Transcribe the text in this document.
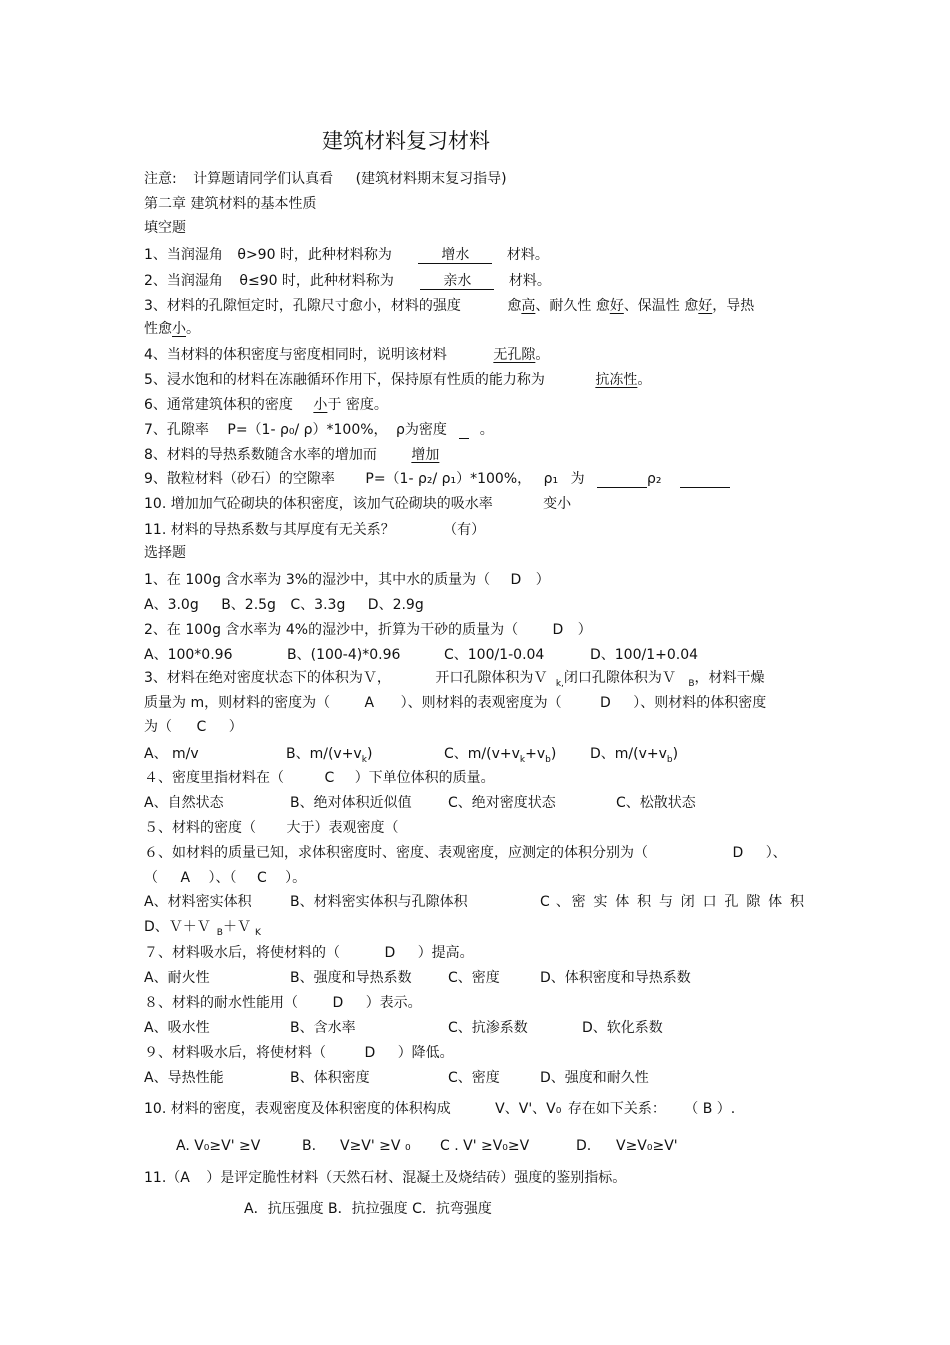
建筑材料复习材料
注意: 计算题请同学们认真看 (建筑材料期末复习指导)
第二章 建筑材料的基本性质
填空题
1、当润湿角 θ>90 时，此种材料称为	增水	材料。
2、当润湿角 θ≤90 时，此种材料称为	亲水	材料。
3、材料的孔隙恒定时，孔隙尺寸愈小，材料的强度	愈高、耐久性 愈好、保温性 愈好，导热
性愈小。
4、当材料的体积密度与密度相同时，说明该材料	无孔隙。
5、浸水饱和的材料在冻融循环作用下，保持原有性质的能力称为	抗冻性。
6、通常建筑体积的密度 小于 密度。
7、孔隙率 P=（1- ρ₀/ ρ）*100%， ρ为密度 。
8、材料的导热系数随含水率的增加而 增加
9、散粒材料（砂石）的空隙率 P=（1- ρ₂/ ρ₁）*100%， ρ₁ 为	ρ₂
10. 增加加气砼砌块的体积密度，该加气砼砌块的吸水率	变小
11. 材料的导热系数与其厚度有无关系？	（有）
选择题
1、在 100g 含水率为 3%的湿沙中，其中水的质量为（ D ）
A、3.0g B、2.5g C、3.3g D、2.9g
2、在 100g 含水率为 4%的湿沙中，折算为干砂的质量为（ D ）
A、100*0.96	B、(100-4)*0.96	C、100/1-0.04	D、100/1+0.04
3、材料在绝对密度状态下的体积为Ｖ，	开口孔隙体积为Ｖ $_{k,}$闭口孔隙体积为Ｖ $_B$，材料干燥
质量为 m，则材料的密度为（ A ）、则材料的表观密度为（	D ）、则材料的体积密度
为（ C ）
A、 m/v	B、$m/(v+v_k)$	C、$m/(v+v_k+v_b)$ D、$m/(v+v_b)$
４、密度里指材料在（	C ）下单位体积的质量。
A、自然状态	B、绝对体积近似值	C、绝对密度状态	C、松散状态
５、材料的密度（ 大于）表观密度（
６、如材料的质量已知，求体积密度时、密度、表观密度，应测定的体积分别为（	D ）、
（ A ）、（ C ）。
A、材料密实体积	B、材料密实体积与孔隙体积	C 、密 实 体 积 与 闭 口 孔 隙 体 积
D、Ｖ＋Ｖ $_B$＋Ｖ $_K$
７、材料吸水后，将使材料的（	D ）提高。
A、耐火性	B、强度和导热系数	C、密度	D、体积密度和导热系数
８、材料的耐水性能用（ D ）表示。
A、吸水性	B、含水率	C、抗渗系数	D、软化系数
９、材料吸水后，将使材料（	D ）降低。
A、导热性能	B、体积密度	C、密度	D、强度和耐久性
10. 材料的密度，表观密度及体积密度的体积构成	V、V'、V₀ 存在如下关系： （ B ）.
A. V₀≥V' ≥V	B. V≥V' ≥V ₀ C . V' ≥V₀≥V	D. V≥V₀≥V'
11.（A ）是评定脆性材料（天然石材、混凝土及烧结砖）强度的鉴别指标。
A．抗压强度 B．抗拉强度 C．抗弯强度
